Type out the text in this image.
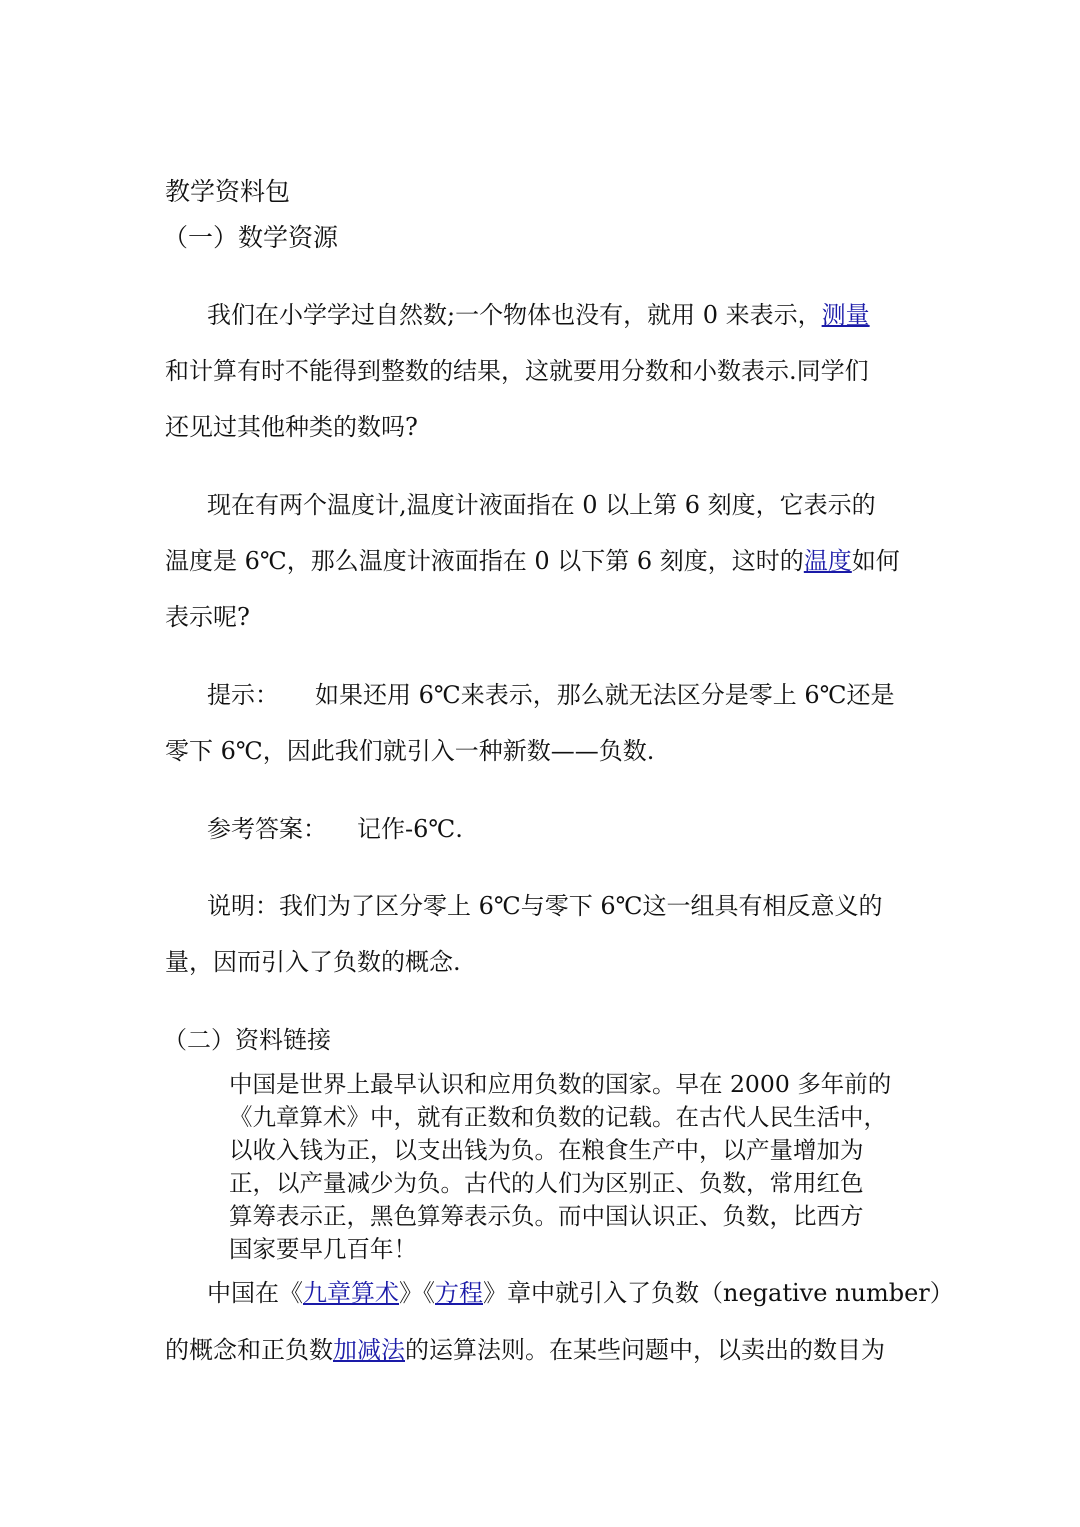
教学资料包
（一）数学资源
我们在小学学过自然数;一个物体也没有，就用 0 来表示，测量
和计算有时不能得到整数的结果，这就要用分数和小数表示.同学们
还见过其他种类的数吗?
现在有两个温度计,温度计液面指在 0 以上第 6 刻度，它表示的
温度是 6℃，那么温度计液面指在 0 以下第 6 刻度，这时的温度如何
表示呢?
提示： 如果还用 6℃来表示，那么就无法区分是零上 6℃还是
零下 6℃，因此我们就引入一种新数——负数.
参考答案： 记作-6℃.
说明：我们为了区分零上 6℃与零下 6℃这一组具有相反意义的
量，因而引入了负数的概念.
（二）资料链接
中国是世界上最早认识和应用负数的国家。早在 2000 多年前的
《九章算术》中，就有正数和负数的记载。在古代人民生活中，
以收入钱为正，以支出钱为负。在粮食生产中，以产量增加为
正，以产量减少为负。古代的人们为区别正、负数，常用红色
算筹表示正，黑色算筹表示负。而中国认识正、负数，比西方
国家要早几百年！
中国在《九章算术》《方程》章中就引入了负数（negative number）
的概念和正负数加减法的运算法则。在某些问题中，以卖出的数目为
